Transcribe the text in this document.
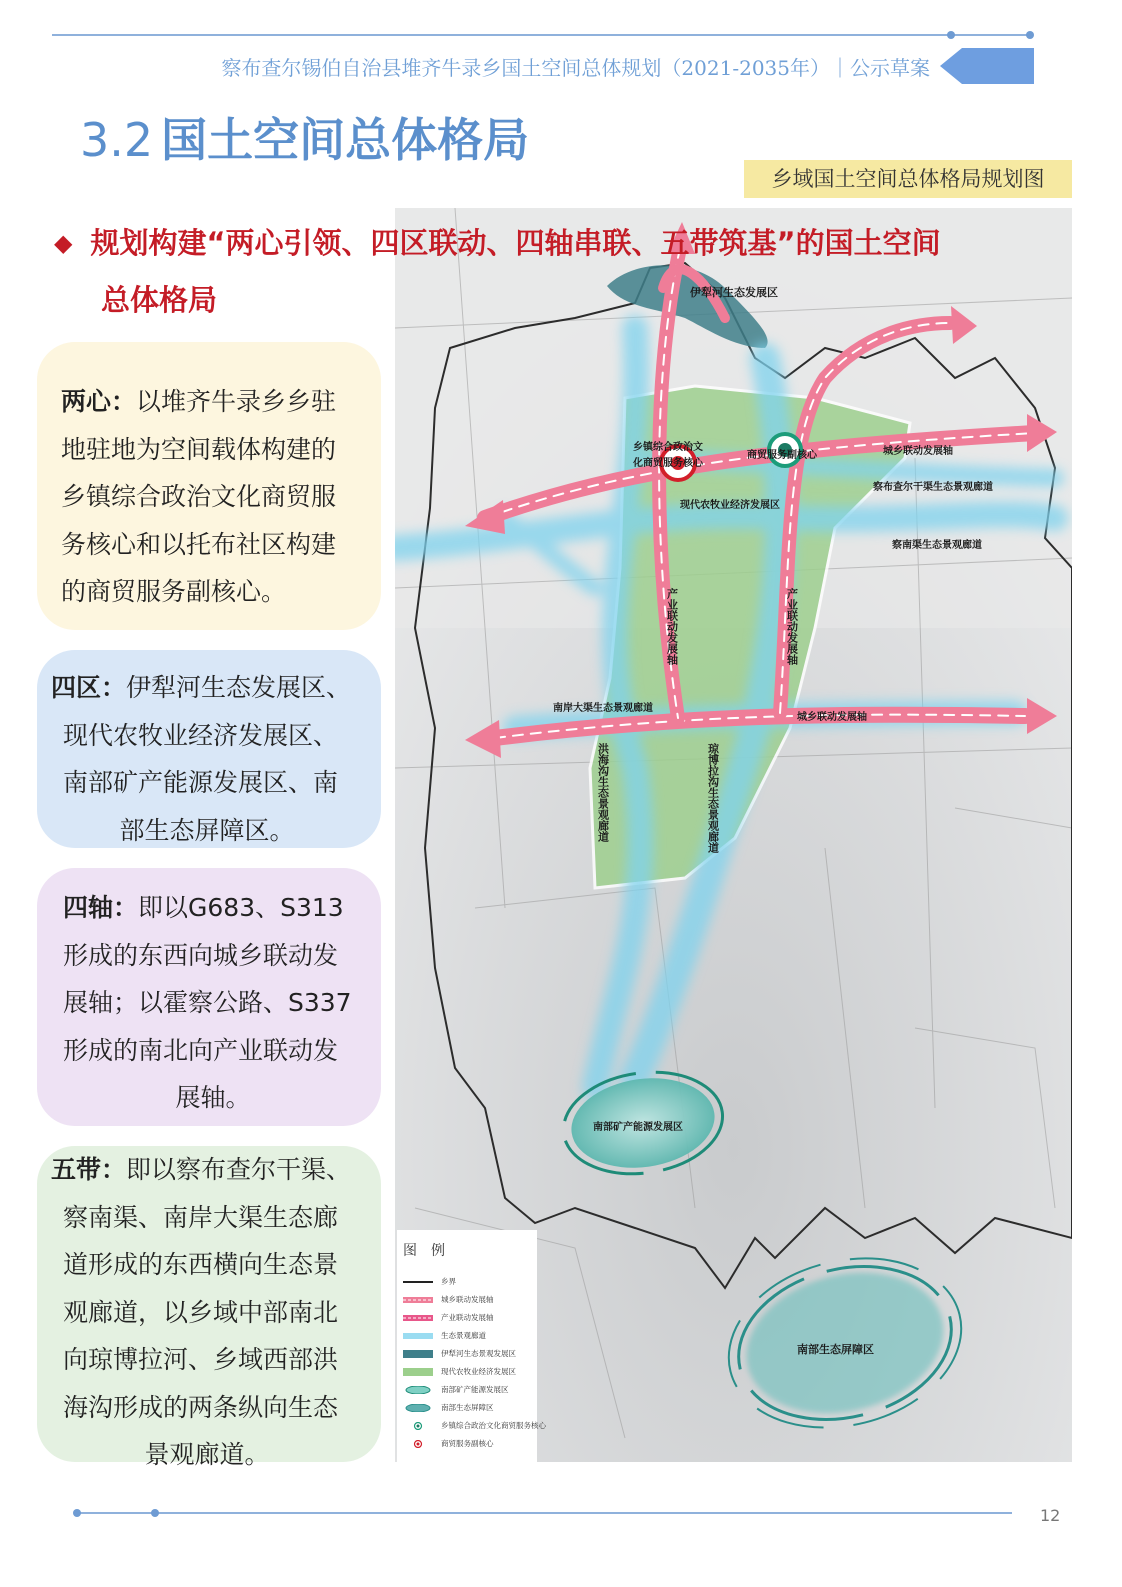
察布查尔锡伯自治县堆齐牛录乡国土空间总体规划（2021-2035年）｜公示草案
3.2 国土空间总体格局
乡域国土空间总体格局规划图
伊犁河生态发展区
乡镇综合政治文
化商贸服务核心
商贸服务副核心	城乡联动发展轴
察布查尔干渠生态景观廊道
现代农牧业经济发展区
察南渠生态景观廊道
南岸大渠生态景观廊道
城乡联动发展轴
产业联动发展轴	产业联动发展轴
洪海沟生态景观廊道	琼博拉沟生态景观廊道
南部矿产能源发展区
南部生态屏障区
图　例
乡界
城乡联动发展轴
产业联动发展轴
生态景观廊道
伊犁河生态景观发展区
现代农牧业经济发展区
南部矿产能源发展区
南部生态屏障区
乡镇综合政治文化商贸服务核心
商贸服务副核心
◆ 规划构建“两心引领、四区联动、四轴串联、五带筑基”的国土空间
总体格局
两心：以堆齐牛录乡乡驻
地驻地为空间载体构建的
乡镇综合政治文化商贸服
务核心和以托布社区构建
的商贸服务副核心。
四区：伊犁河生态发展区、
现代农牧业经济发展区、
南部矿产能源发展区、南

部生态屏障区。
四轴：即以G683、S313
形成的东西向城乡联动发
展轴；以霍察公路、S337
形成的南北向产业联动发

展轴。
五带：即以察布查尔干渠、
察南渠、南岸大渠生态廊
道形成的东西横向生态景
观廊道，以乡域中部南北
向琼博拉河、乡域西部洪
海沟形成的两条纵向生态

景观廊道。
12
